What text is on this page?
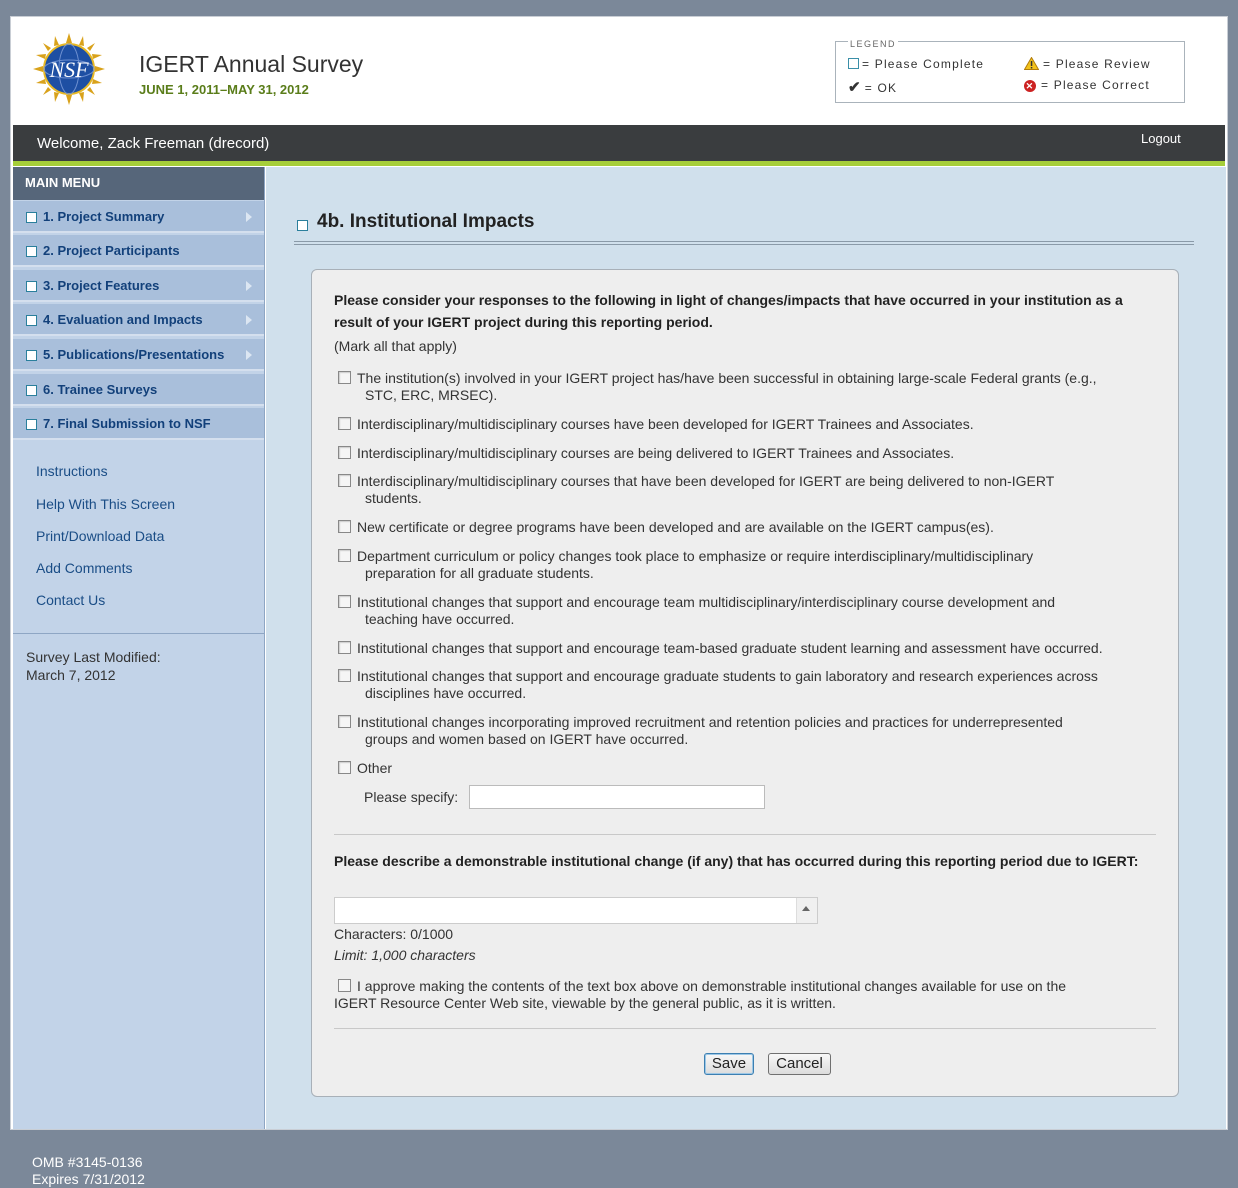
NSF IGERT Annual Survey
JUNE 1, 2011–MAY 31, 2012
LEGEND
= Please Complete
✔ = OK
= Please Review
✕ = Please Correct
Welcome, Zack Freeman (drecord)	Logout
MAIN MENU
1. Project Summary
2. Project Participants
3. Project Features
4. Evaluation and Impacts
5. Publications/Presentations
6. Trainee Surveys
7. Final Submission to NSF
Instructions
Help With This Screen
Print/Download Data
Add Comments
Contact Us
Survey Last Modified:
March 7, 2012
4b. Institutional Impacts
Please consider your responses to the following in light of changes/impacts that have occurred in your institution as a result of your IGERT project during this reporting period.
(Mark all that apply)
The institution(s) involved in your IGERT project has/have been successful in obtaining large-scale Federal grants (e.g.,
STC, ERC, MRSEC).
Interdisciplinary/multidisciplinary courses have been developed for IGERT Trainees and Associates.
Interdisciplinary/multidisciplinary courses are being delivered to IGERT Trainees and Associates.
Interdisciplinary/multidisciplinary courses that have been developed for IGERT are being delivered to non-IGERT
students.
New certificate or degree programs have been developed and are available on the IGERT campus(es).
Department curriculum or policy changes took place to emphasize or require interdisciplinary/multidisciplinary
preparation for all graduate students.
Institutional changes that support and encourage team multidisciplinary/interdisciplinary course development and
teaching have occurred.
Institutional changes that support and encourage team-based graduate student learning and assessment have occurred.
Institutional changes that support and encourage graduate students to gain laboratory and research experiences across
disciplines have occurred.
Institutional changes incorporating improved recruitment and retention policies and practices for underrepresented
groups and women based on IGERT have occurred.
Other
Please specify:
Please describe a demonstrable institutional change (if any) that has occurred during this reporting period due to IGERT:
Characters: 0/1000
Limit: 1,000 characters
I approve making the contents of the text box above on demonstrable institutional changes available for use on the
IGERT Resource Center Web site, viewable by the general public, as it is written.
Save	Cancel
OMB #3145-0136
Expires 7/31/2012
